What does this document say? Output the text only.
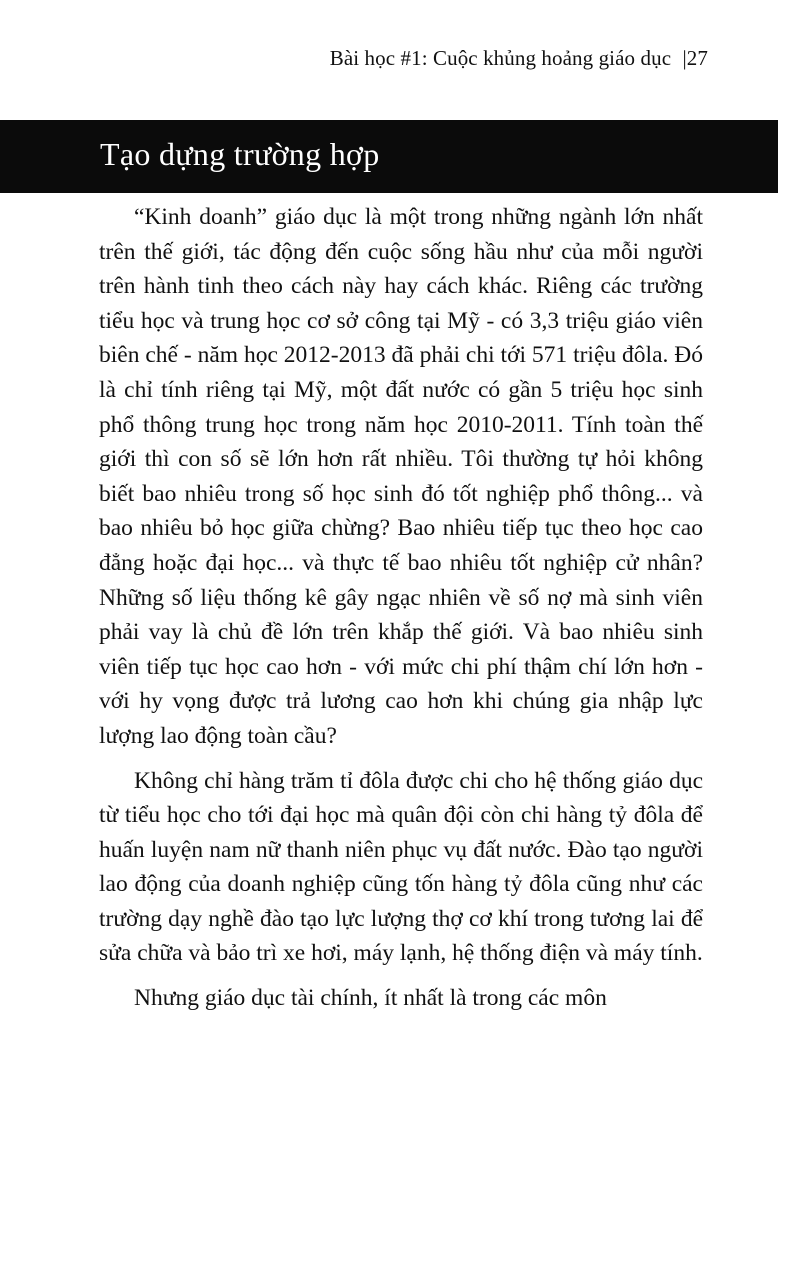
Bài học #1: Cuộc khủng hoảng giáo dục |27
Tạo dựng trường hợp

“Kinh doanh” giáo dục là một trong những ngành lớn nhất trên thế giới, tác động đến cuộc sống hầu như của mỗi người trên hành tinh theo cách này hay cách khác. Riêng các trường tiểu học và trung học cơ sở công tại Mỹ - có 3,3 triệu giáo viên biên chế - năm học 2012-2013 đã phải chi tới 571 triệu đôla. Đó là chỉ tính riêng tại Mỹ, một đất nước có gần 5 triệu học sinh phổ thông trung học trong năm học 2010-2011. Tính toàn thế giới thì con số sẽ lớn hơn rất nhiều. Tôi thường tự hỏi không biết bao nhiêu trong số học sinh đó tốt nghiệp phổ thông... và bao nhiêu bỏ học giữa chừng? Bao nhiêu tiếp tục theo học cao đẳng hoặc đại học... và thực tế bao nhiêu tốt nghiệp cử nhân? Những số liệu thống kê gây ngạc nhiên về số nợ mà sinh viên phải vay là chủ đề lớn trên khắp thế giới. Và bao nhiêu sinh viên tiếp tục học cao hơn - với mức chi phí thậm chí lớn hơn - với hy vọng được trả lương cao hơn khi chúng gia nhập lực lượng lao động toàn cầu?

Không chỉ hàng trăm tỉ đôla được chi cho hệ thống giáo dục từ tiểu học cho tới đại học mà quân đội còn chi hàng tỷ đôla để huấn luyện nam nữ thanh niên phục vụ đất nước. Đào tạo người lao động của doanh nghiệp cũng tốn hàng tỷ đôla cũng như các trường dạy nghề đào tạo lực lượng thợ cơ khí trong tương lai để sửa chữa và bảo trì xe hơi, máy lạnh, hệ thống điện và máy tính.

Nhưng giáo dục tài chính, ít nhất là trong các môn
